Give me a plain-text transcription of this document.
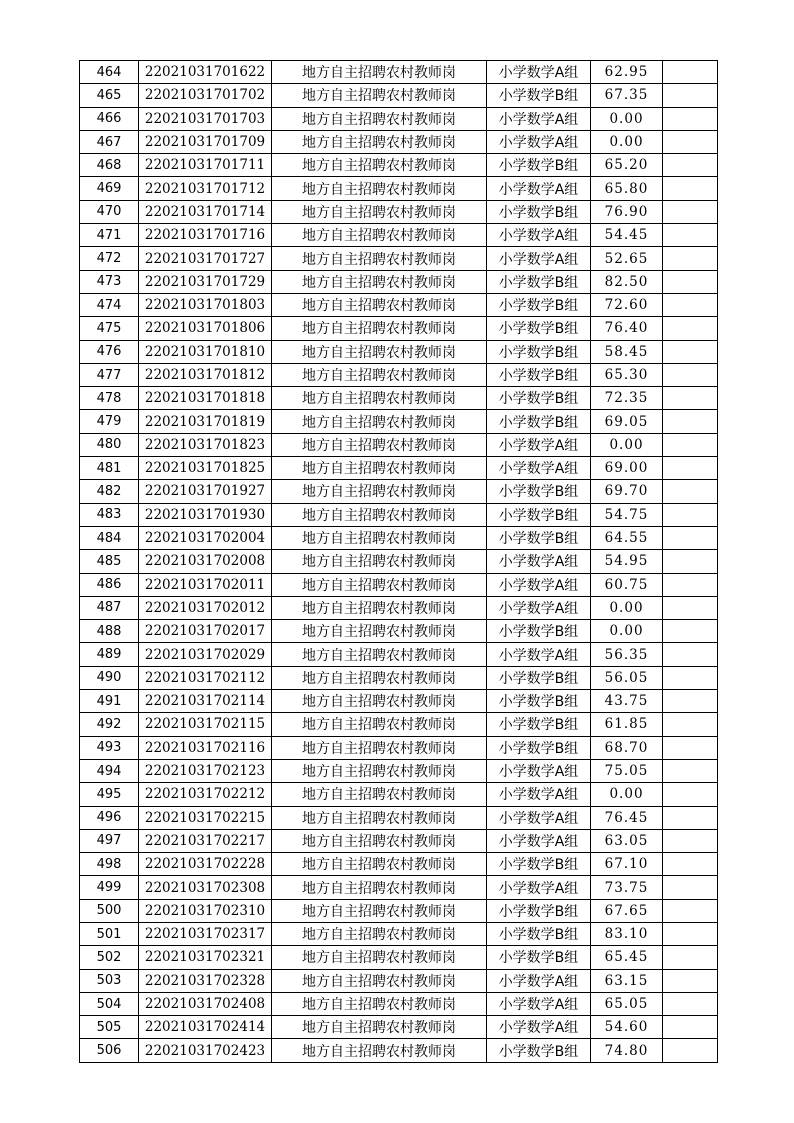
464	22021031701622	地方自主招聘农村教师岗	小学数学A组	62.95	
465	22021031701702	地方自主招聘农村教师岗	小学数学B组	67.35	
466	22021031701703	地方自主招聘农村教师岗	小学数学A组	0.00	
467	22021031701709	地方自主招聘农村教师岗	小学数学A组	0.00	
468	22021031701711	地方自主招聘农村教师岗	小学数学B组	65.20	
469	22021031701712	地方自主招聘农村教师岗	小学数学A组	65.80	
470	22021031701714	地方自主招聘农村教师岗	小学数学B组	76.90	
471	22021031701716	地方自主招聘农村教师岗	小学数学A组	54.45	
472	22021031701727	地方自主招聘农村教师岗	小学数学A组	52.65	
473	22021031701729	地方自主招聘农村教师岗	小学数学B组	82.50	
474	22021031701803	地方自主招聘农村教师岗	小学数学B组	72.60	
475	22021031701806	地方自主招聘农村教师岗	小学数学B组	76.40	
476	22021031701810	地方自主招聘农村教师岗	小学数学B组	58.45	
477	22021031701812	地方自主招聘农村教师岗	小学数学B组	65.30	
478	22021031701818	地方自主招聘农村教师岗	小学数学B组	72.35	
479	22021031701819	地方自主招聘农村教师岗	小学数学B组	69.05	
480	22021031701823	地方自主招聘农村教师岗	小学数学A组	0.00	
481	22021031701825	地方自主招聘农村教师岗	小学数学A组	69.00	
482	22021031701927	地方自主招聘农村教师岗	小学数学B组	69.70	
483	22021031701930	地方自主招聘农村教师岗	小学数学B组	54.75	
484	22021031702004	地方自主招聘农村教师岗	小学数学B组	64.55	
485	22021031702008	地方自主招聘农村教师岗	小学数学A组	54.95	
486	22021031702011	地方自主招聘农村教师岗	小学数学A组	60.75	
487	22021031702012	地方自主招聘农村教师岗	小学数学A组	0.00	
488	22021031702017	地方自主招聘农村教师岗	小学数学B组	0.00	
489	22021031702029	地方自主招聘农村教师岗	小学数学A组	56.35	
490	22021031702112	地方自主招聘农村教师岗	小学数学B组	56.05	
491	22021031702114	地方自主招聘农村教师岗	小学数学B组	43.75	
492	22021031702115	地方自主招聘农村教师岗	小学数学B组	61.85	
493	22021031702116	地方自主招聘农村教师岗	小学数学B组	68.70	
494	22021031702123	地方自主招聘农村教师岗	小学数学A组	75.05	
495	22021031702212	地方自主招聘农村教师岗	小学数学A组	0.00	
496	22021031702215	地方自主招聘农村教师岗	小学数学A组	76.45	
497	22021031702217	地方自主招聘农村教师岗	小学数学A组	63.05	
498	22021031702228	地方自主招聘农村教师岗	小学数学B组	67.10	
499	22021031702308	地方自主招聘农村教师岗	小学数学A组	73.75	
500	22021031702310	地方自主招聘农村教师岗	小学数学B组	67.65	
501	22021031702317	地方自主招聘农村教师岗	小学数学B组	83.10	
502	22021031702321	地方自主招聘农村教师岗	小学数学B组	65.45	
503	22021031702328	地方自主招聘农村教师岗	小学数学A组	63.15	
504	22021031702408	地方自主招聘农村教师岗	小学数学A组	65.05	
505	22021031702414	地方自主招聘农村教师岗	小学数学A组	54.60	
506	22021031702423	地方自主招聘农村教师岗	小学数学B组	74.80	
